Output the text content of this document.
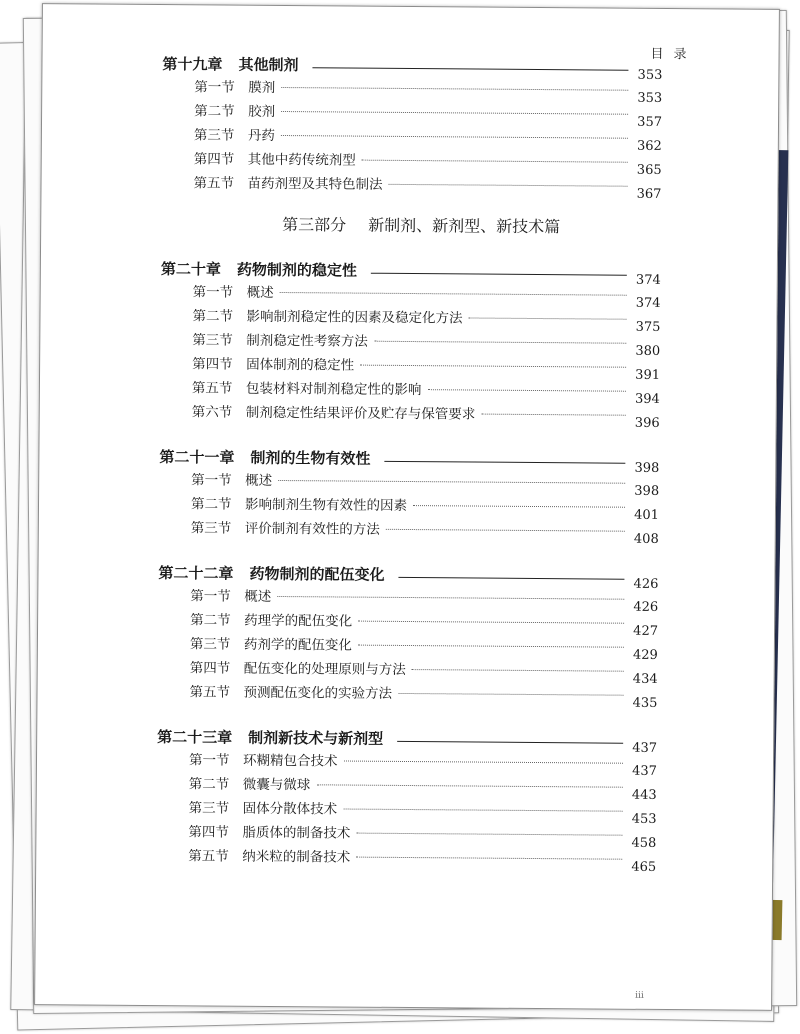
目录
第十九章 其他制剂
353
第一节 膜剂
353
第二节 胶剂
357
第三节 丹药
362
第四节 其他中药传统剂型
365
第五节 苗药剂型及其特色制法
367
第三部分 新制剂、新剂型、新技术篇
第二十章 药物制剂的稳定性
374
第一节 概述
374
第二节 影响制剂稳定性的因素及稳定化方法
375
第三节 制剂稳定性考察方法
380
第四节 固体制剂的稳定性
391
第五节 包装材料对制剂稳定性的影响
394
第六节 制剂稳定性结果评价及贮存与保管要求
396
第二十一章 制剂的生物有效性
398
第一节 概述
398
第二节 影响制剂生物有效性的因素
401
第三节 评价制剂有效性的方法
408
第二十二章 药物制剂的配伍变化
426
第一节 概述
426
第二节 药理学的配伍变化
427
第三节 药剂学的配伍变化
429
第四节 配伍变化的处理原则与方法
434
第五节 预测配伍变化的实验方法
435
第二十三章 制剂新技术与新剂型
437
第一节 环糊精包合技术
437
第二节 微囊与微球
443
第三节 固体分散体技术
453
第四节 脂质体的制备技术
458
第五节 纳米粒的制备技术
465
iii
